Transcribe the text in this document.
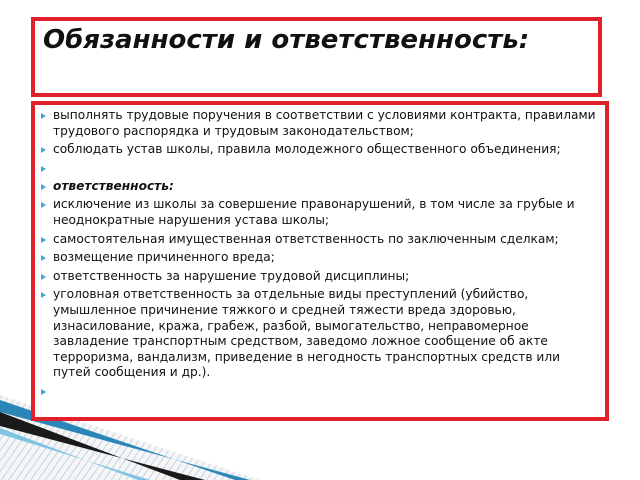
Обязанности и ответственность:
выполнять трудовые поручения в соответствии с условиями контракта, правилами трудового распорядка и трудовым законодательством;
соблюдать устав школы, правила молодежного общественного объединения;
ответственность:
исключение из школы за совершение правонарушений, в том числе за грубые и неоднократные нарушения устава школы;
самостоятельная имущественная ответственность по заключенным сделкам;
возмещение причиненного вреда;
ответственность за нарушение трудовой дисциплины;
уголовная ответственность за отдельные виды преступлений (убийство, умышленное причинение тяжкого и средней тяжести вреда здоровью, изнасилование, кража, грабеж, разбой, вымогательство, неправомерное завладение транспортным средством, заведомо ложное сообщение об акте терроризма, вандализм, приведение в негодность транспортных средств или путей сообщения и др.).
